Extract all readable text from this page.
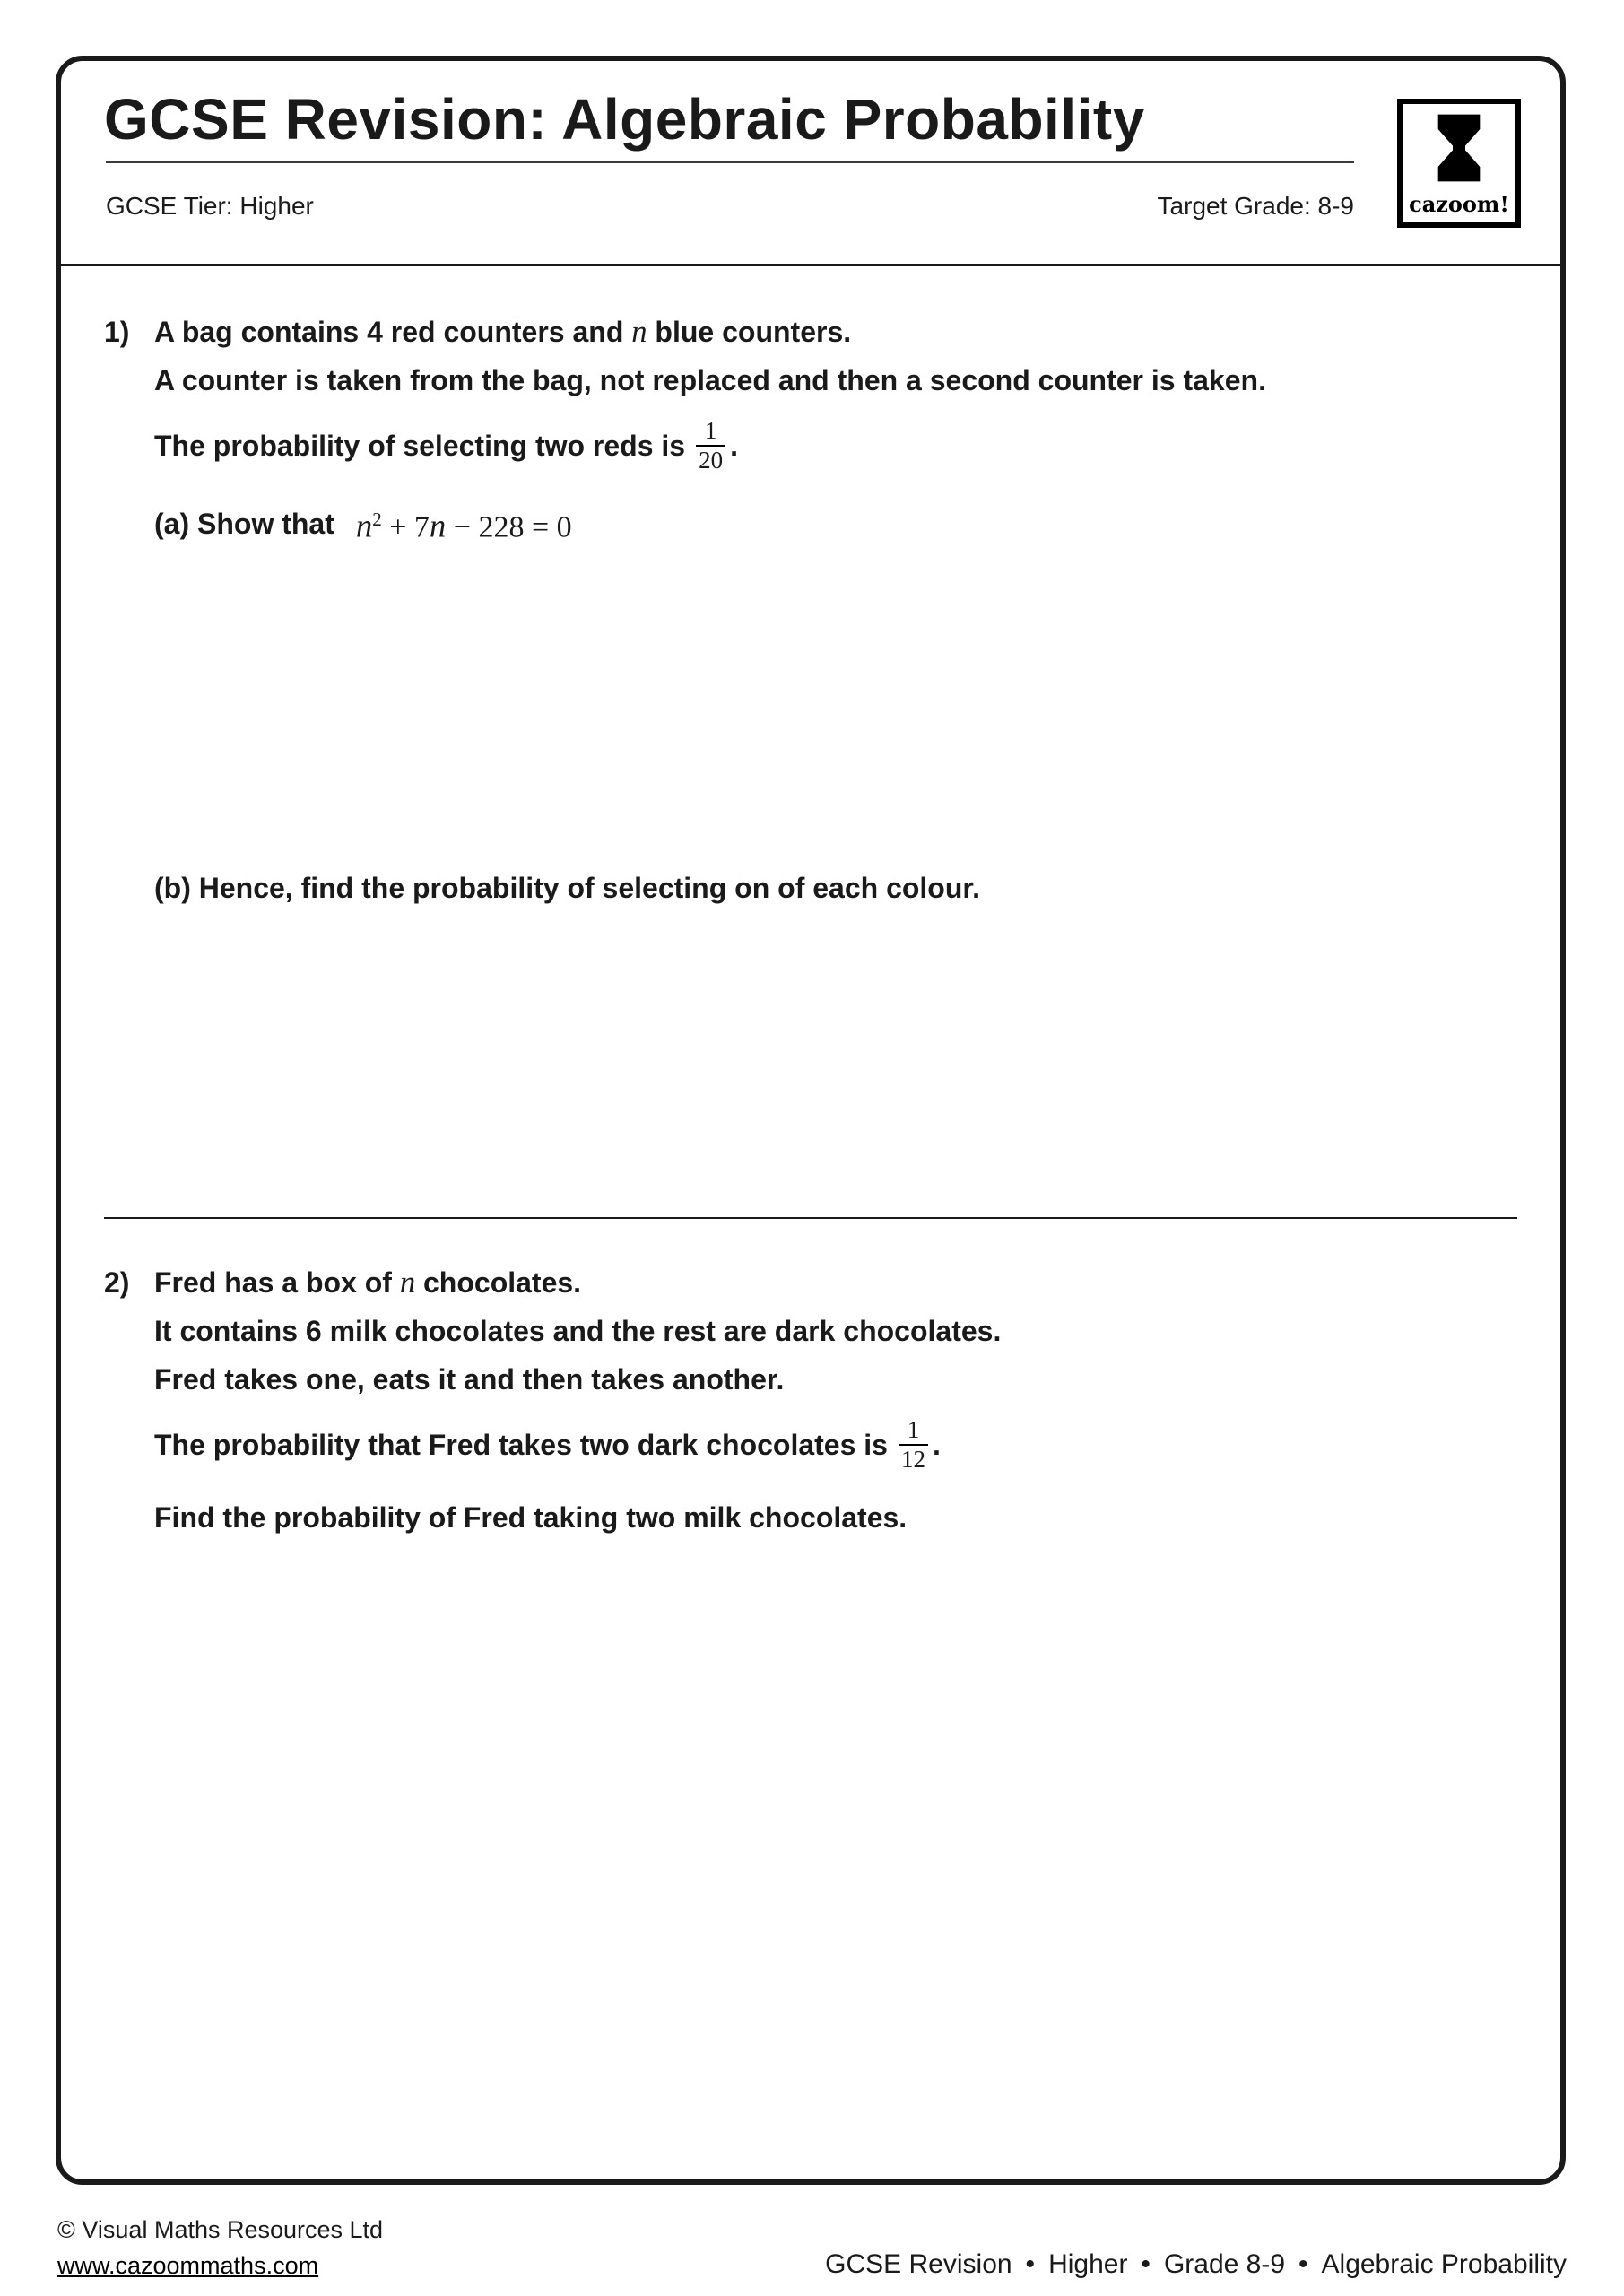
GCSE Revision: Algebraic Probability
GCSE Tier: Higher	Target Grade: 8-9	cazoom!
1) A bag contains 4 red counters and n blue counters.
A counter is taken from the bag, not replaced and then a second counter is taken.
The probability of selecting two reds is $\frac{1}{20}$ .
(a) Show that $n^2 + 7n - 228 = 0$
(b) Hence, find the probability of selecting on of each colour.
2) Fred has a box of n chocolates.
It contains 6 milk chocolates and the rest are dark chocolates.
Fred takes one, eats it and then takes another.
The probability that Fred takes two dark chocolates is $\frac{1}{12}$ .
Find the probability of Fred taking two milk chocolates.
© Visual Maths Resources Ltd
www.cazoommaths.com	GCSE Revision • Higher • Grade 8-9 • Algebraic Probability
